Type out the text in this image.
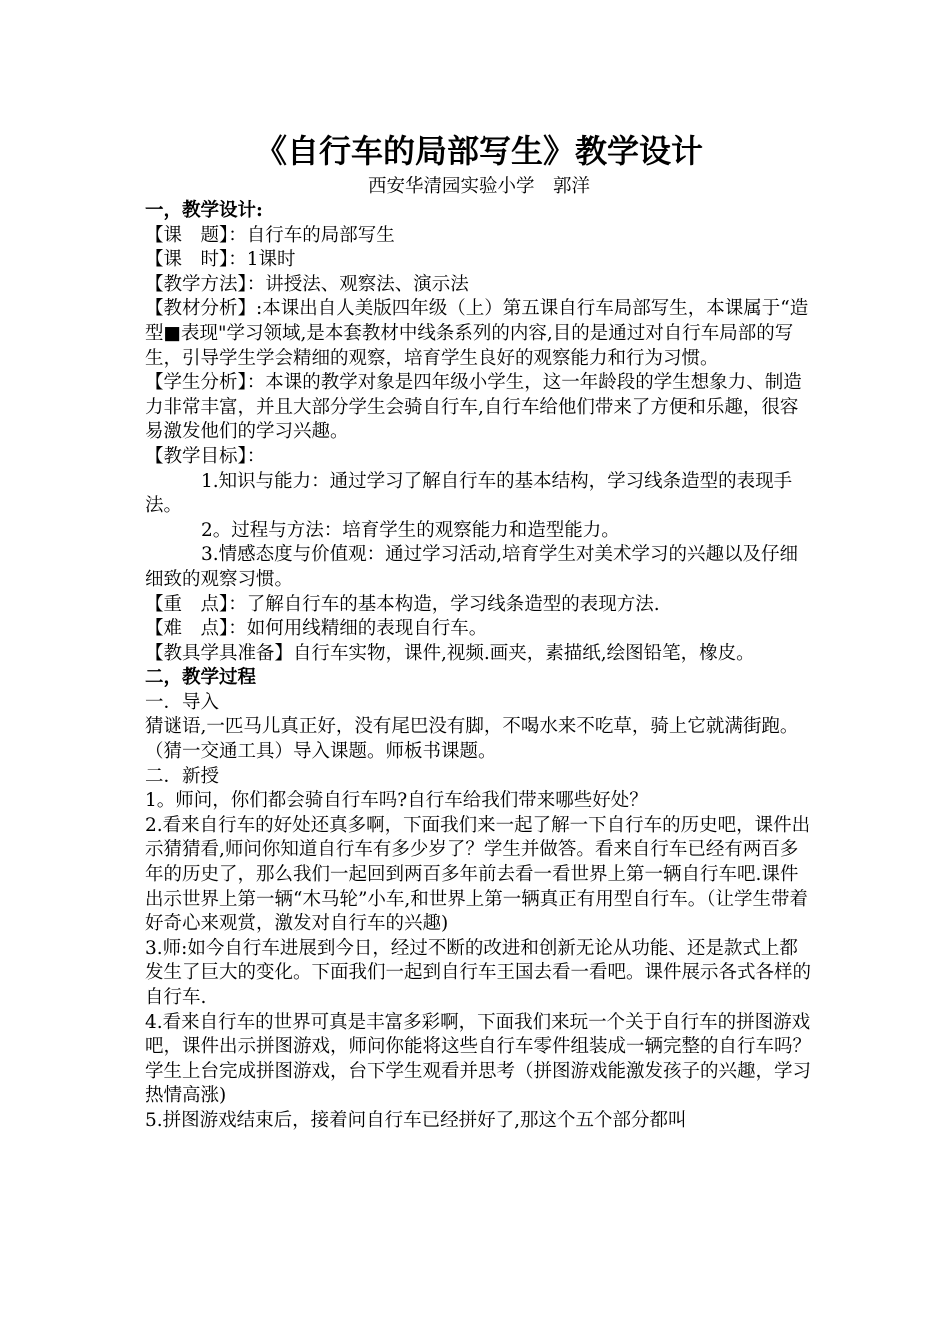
《自行车的局部写生》教学设计
西安华清园实验小学　郭洋

一，教学设计:

【课　题】：自行车的局部写生

【课　时】：1课时

【教学方法】：讲授法、观察法、演示法

【教材分析】:本课出自人美版四年级（上）第五课自行车局部写生，本课属于“造型■表现"学习领域,是本套教材中线条系列的内容,目的是通过对自行车局部的写生，引导学生学会精细的观察，培育学生良好的观察能力和行为习惯。

【学生分析】：本课的教学对象是四年级小学生，这一年龄段的学生想象力、制造力非常丰富，并且大部分学生会骑自行车,自行车给他们带来了方便和乐趣，很容易激发他们的学习兴趣。

【教学目标】：

1.知识与能力：通过学习了解自行车的基本结构，学习线条造型的表现手法。

2。过程与方法：培育学生的观察能力和造型能力。

3.情感态度与价值观：通过学习活动,培育学生对美术学习的兴趣以及仔细细致的观察习惯。

【重　点】：了解自行车的基本构造，学习线条造型的表现方法.

【难　点】：如何用线精细的表现自行车。

【教具学具准备】自行车实物，课件,视频.画夹，素描纸,绘图铅笔，橡皮。

二，教学过程

一．导入

猜谜语,一匹马儿真正好，没有尾巴没有脚，不喝水来不吃草，骑上它就满街跑。（猜一交通工具）导入课题。师板书课题。

二．新授

1。师问，你们都会骑自行车吗?自行车给我们带来哪些好处？

2.看来自行车的好处还真多啊，下面我们来一起了解一下自行车的历史吧，课件出示猜猜看,师问你知道自行车有多少岁了？学生并做答。看来自行车已经有两百多年的历史了，那么我们一起回到两百多年前去看一看世界上第一辆自行车吧.课件出示世界上第一辆“木马轮”小车,和世界上第一辆真正有用型自行车。（让学生带着好奇心来观赏，激发对自行车的兴趣)

3.师:如今自行车进展到今日，经过不断的改进和创新无论从功能、还是款式上都发生了巨大的变化。下面我们一起到自行车王国去看一看吧。课件展示各式各样的自行车.

4.看来自行车的世界可真是丰富多彩啊，下面我们来玩一个关于自行车的拼图游戏吧，课件出示拼图游戏，师问你能将这些自行车零件组装成一辆完整的自行车吗？学生上台完成拼图游戏，台下学生观看并思考（拼图游戏能激发孩子的兴趣，学习热情高涨)

5.拼图游戏结束后，接着问自行车已经拼好了,那这个五个部分都叫
